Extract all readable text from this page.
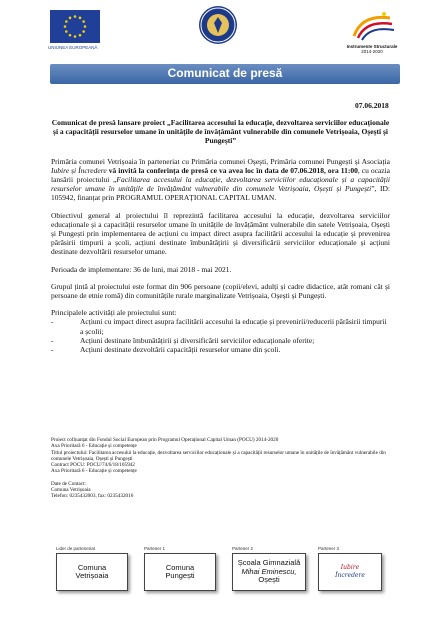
UNIUNEA EUROPEANĂ	Instrumente Structurale
2014-2020
Comunicat de presă
07.06.2018

Comunicat de presă lansare proiect „Facilitarea accesului la educație, dezvoltarea serviciilor educaționale și a capacității resurselor umane în unitățile de învățământ vulnerabile din comunele Vetrișoaia, Oșești și Pungești”

Primăria comunei Vetrișoaia în parteneriat cu Primăria comunei Oșești, Primăria comunei Pungești și Asociația Iubire și Încredere vă invită la conferința de presă ce va avea loc în data de 07.06.2018, ora 11:00, cu ocazia lansării proiectului „Facilitarea accesului la educație, dezvoltarea serviciilor educaționale și a capacității resurselor umane în unitățile de învățământ vulnerabile din comunele Vetrișoaia, Oșești și Pungești”, ID: 105942, finanțat prin PROGRAMUL OPERAȚIONAL CAPITAL UMAN.

Obiectivul general al proiectului îl reprezintă facilitarea accesului la educație, dezvoltarea serviciilor educaționale și a capacității resurselor umane în unitățile de învățământ vulnerabile din satele Vetrișoaia, Oșești și Pungești prin implementarea de acțiuni cu impact direct asupra facilitării accesului la educație și prevenirea părăsirii timpurii a școli, acțiuni destinate îmbunătățirii și diversificării serviciilor educaționale și acțiuni destinate dezvoltării resurselor umane.

Perioada de implementare: 36 de luni, mai 2018 - mai 2021.

Grupul țintă al proiectului este format din 906 persoane (copii/elevi, adulți și cadre didactice, atât romani cât și persoane de etnie romă) din comunitățile rurale marginalizate Vetrișoaia, Oșești și Pungești.

Principalele activități ale proiectului sunt:

- Acțiuni cu impact direct asupra facilitării accesului la educație și prevenirii/reducerii părăsirii timpurii a școlii;
- Acțiuni destinate îmbunătățirii și diversificării serviciilor educaționale oferite;
- Acțiuni destinate dezvoltării capacității resurselor umane din școli.
Proiect cofinanțat din Fondul Social European prin Programul Operațional Capital Uman (POCU) 2014-2020
Axa Prioritară 6 - Educație și competențe
Titlul proiectului: Facilitarea accesului la educație, dezvoltarea serviciilor educaționale și a capacității resurselor umane în unitățile de învățământ vulnerabile din comunele Vetrișoaia, Oșești și Pungești
Contract POCU: POCU/74/6/18/105942
Axa Prioritară 6 - Educație și competențe
Date de Contact:
Comuna Vetrișoaia
Telefon: 0235432003, fax: 0235432016
Lider de parteneriat
Comuna
Vetrișoaia
Partener 1
Comuna
Pungești
Partener 2
Școala Gimnazială
Mihai Eminescu,
Oșești
Partener 3
Iubire
Încredere
